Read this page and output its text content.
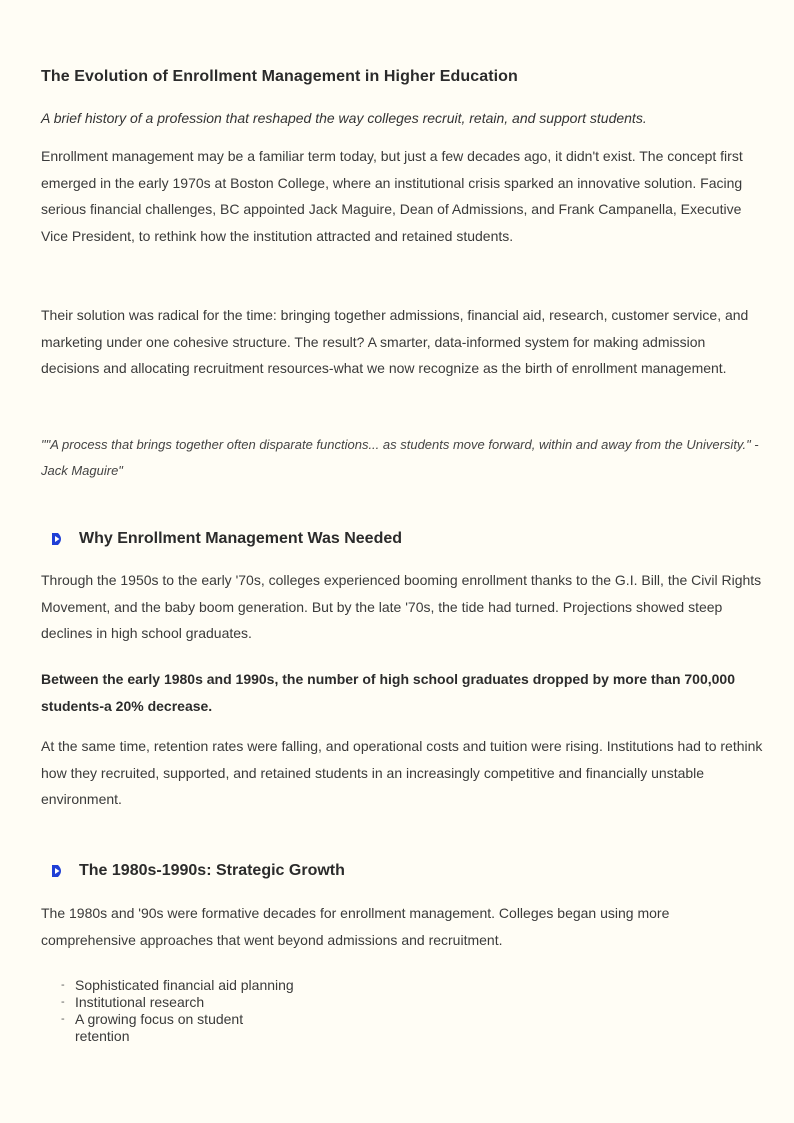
The Evolution of Enrollment Management in Higher Education

A brief history of a profession that reshaped the way colleges recruit, retain, and support students.

Enrollment management may be a familiar term today, but just a few decades ago, it didn't exist. The concept first emerged in the early 1970s at Boston College, where an institutional crisis sparked an innovative solution. Facing serious financial challenges, BC appointed Jack Maguire, Dean of Admissions, and Frank Campanella, Executive Vice President, to rethink how the institution attracted and retained students.

Their solution was radical for the time: bringing together admissions, financial aid, research, customer service, and marketing under one cohesive structure. The result? A smarter, data-informed system for making admission decisions and allocating recruitment resources-what we now recognize as the birth of enrollment management.

""A process that brings together often disparate functions... as students move forward, within and away from the University." - Jack Maguire"

Why Enrollment Management Was Needed

Through the 1950s to the early '70s, colleges experienced booming enrollment thanks to the G.I. Bill, the Civil Rights Movement, and the baby boom generation. But by the late '70s, the tide had turned. Projections showed steep declines in high school graduates.

Between the early 1980s and 1990s, the number of high school graduates dropped by more than 700,000 students-a 20% decrease.

At the same time, retention rates were falling, and operational costs and tuition were rising. Institutions had to rethink how they recruited, supported, and retained students in an increasingly competitive and financially unstable environment.

The 1980s-1990s: Strategic Growth

The 1980s and '90s were formative decades for enrollment management. Colleges began using more comprehensive approaches that went beyond admissions and recruitment.

- Sophisticated financial aid planning
- Institutional research
- A growing focus on student retention
